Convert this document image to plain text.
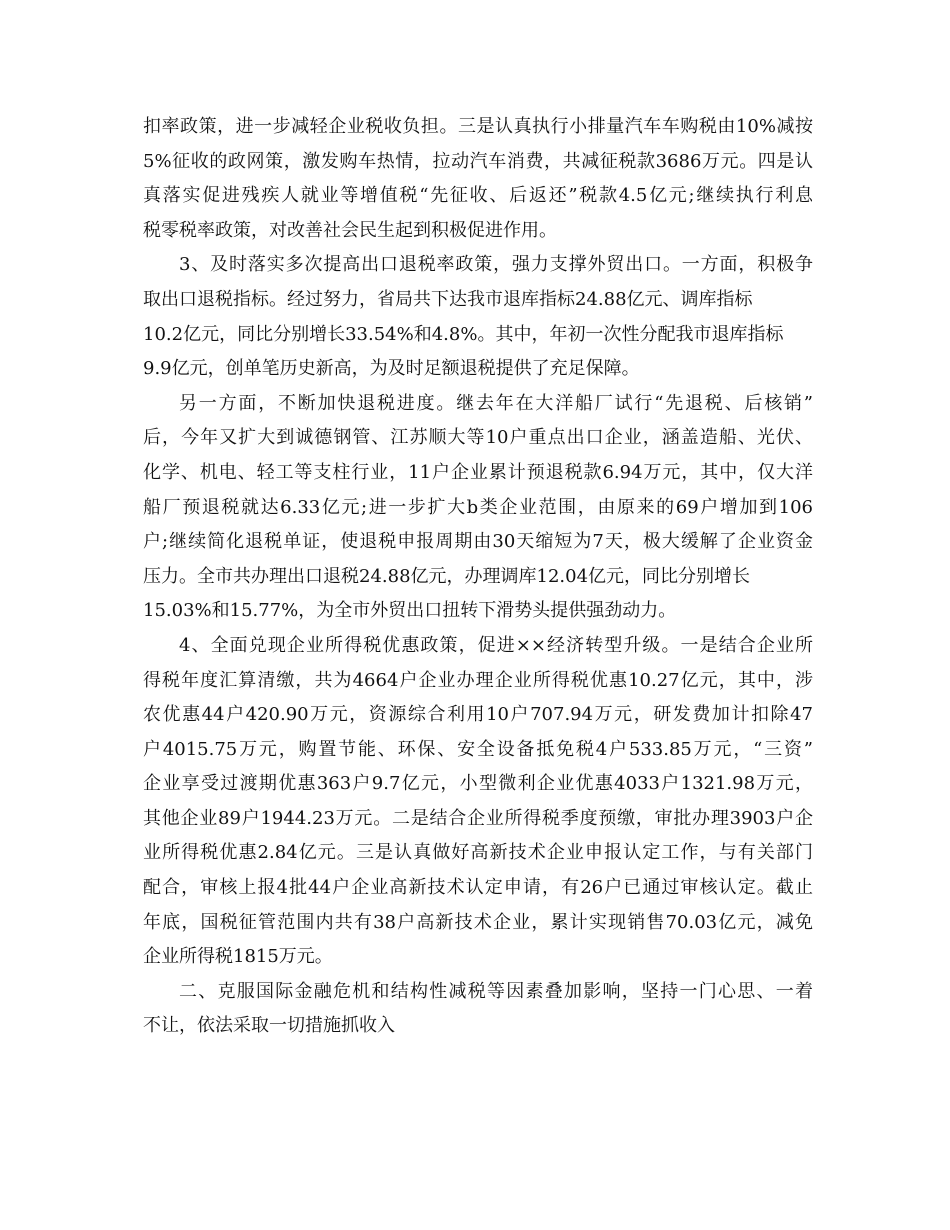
扣率政策，进一步减轻企业税收负担。三是认真执行小排量汽车车购税由10%减按
5%征收的政网策，激发购车热情，拉动汽车消费，共减征税款3686万元。四是认
真落实促进残疾人就业等增值税“先征收、后返还”税款4.5亿元;继续执行利息
税零税率政策，对改善社会民生起到积极促进作用。
3、及时落实多次提高出口退税率政策，强力支撑外贸出口。一方面，积极争
取出口退税指标。经过努力，省局共下达我市退库指标24.88亿元、调库指标
10.2亿元，同比分别增长33.54%和4.8%。其中，年初一次性分配我市退库指标
9.9亿元，创单笔历史新高，为及时足额退税提供了充足保障。
另一方面，不断加快退税进度。继去年在大洋船厂试行“先退税、后核销”
后，今年又扩大到诚德钢管、江苏顺大等10户重点出口企业，涵盖造船、光伏、
化学、机电、轻工等支柱行业，11户企业累计预退税款6.94万元，其中，仅大洋
船厂预退税就达6.33亿元;进一步扩大b类企业范围，由原来的69户增加到106
户;继续简化退税单证，使退税申报周期由30天缩短为7天，极大缓解了企业资金
压力。全市共办理出口退税24.88亿元，办理调库12.04亿元，同比分别增长
15.03%和15.77%，为全市外贸出口扭转下滑势头提供强劲动力。
4、全面兑现企业所得税优惠政策，促进××经济转型升级。一是结合企业所
得税年度汇算清缴，共为4664户企业办理企业所得税优惠10.27亿元，其中，涉
农优惠44户420.90万元，资源综合利用10户707.94万元，研发费加计扣除47
户4015.75万元，购置节能、环保、安全设备抵免税4户533.85万元，“三资”
企业享受过渡期优惠363户9.7亿元，小型微利企业优惠4033户1321.98万元，
其他企业89户1944.23万元。二是结合企业所得税季度预缴，审批办理3903户企
业所得税优惠2.84亿元。三是认真做好高新技术企业申报认定工作，与有关部门
配合，审核上报4批44户企业高新技术认定申请，有26户已通过审核认定。截止
年底，国税征管范围内共有38户高新技术企业，累计实现销售70.03亿元，减免
企业所得税1815万元。
二、克服国际金融危机和结构性减税等因素叠加影响，坚持一门心思、一着
不让，依法采取一切措施抓收入
